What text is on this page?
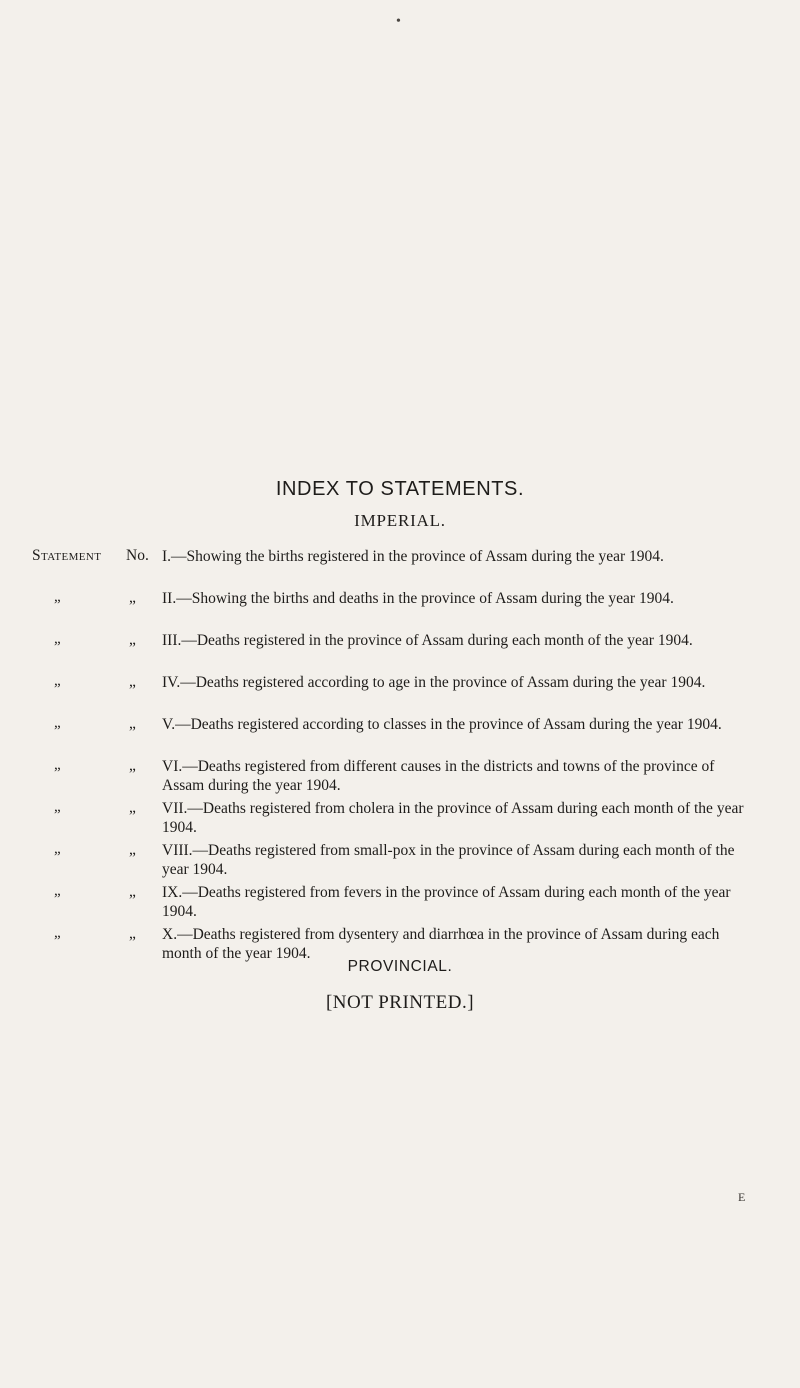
•
INDEX TO STATEMENTS.
IMPERIAL.
Statement	No. I.—Showing the births registered in the province of Assam during the year 1904.
„	„ II.—Showing the births and deaths in the province of Assam during the year 1904.
„	„ III.—Deaths registered in the province of Assam during each month of the year 1904.
„	„ IV.—Deaths registered according to age in the province of Assam during the year 1904.
„	„ V.—Deaths registered according to classes in the province of Assam during the year 1904.
„	„ VI.—Deaths registered from different causes in the districts and towns of the province of Assam during the year 1904.
„	„ VII.—Deaths registered from cholera in the province of Assam during each month of the year 1904.
„	„ VIII.—Deaths registered from small-pox in the province of Assam during each month of the year 1904.
„	„ IX.—Deaths registered from fevers in the province of Assam during each month of the year 1904.
„	„ X.—Deaths registered from dysentery and diarrhœa in the province of Assam during each month of the year 1904.
PROVINCIAL.
[NOT PRINTED.]
E
